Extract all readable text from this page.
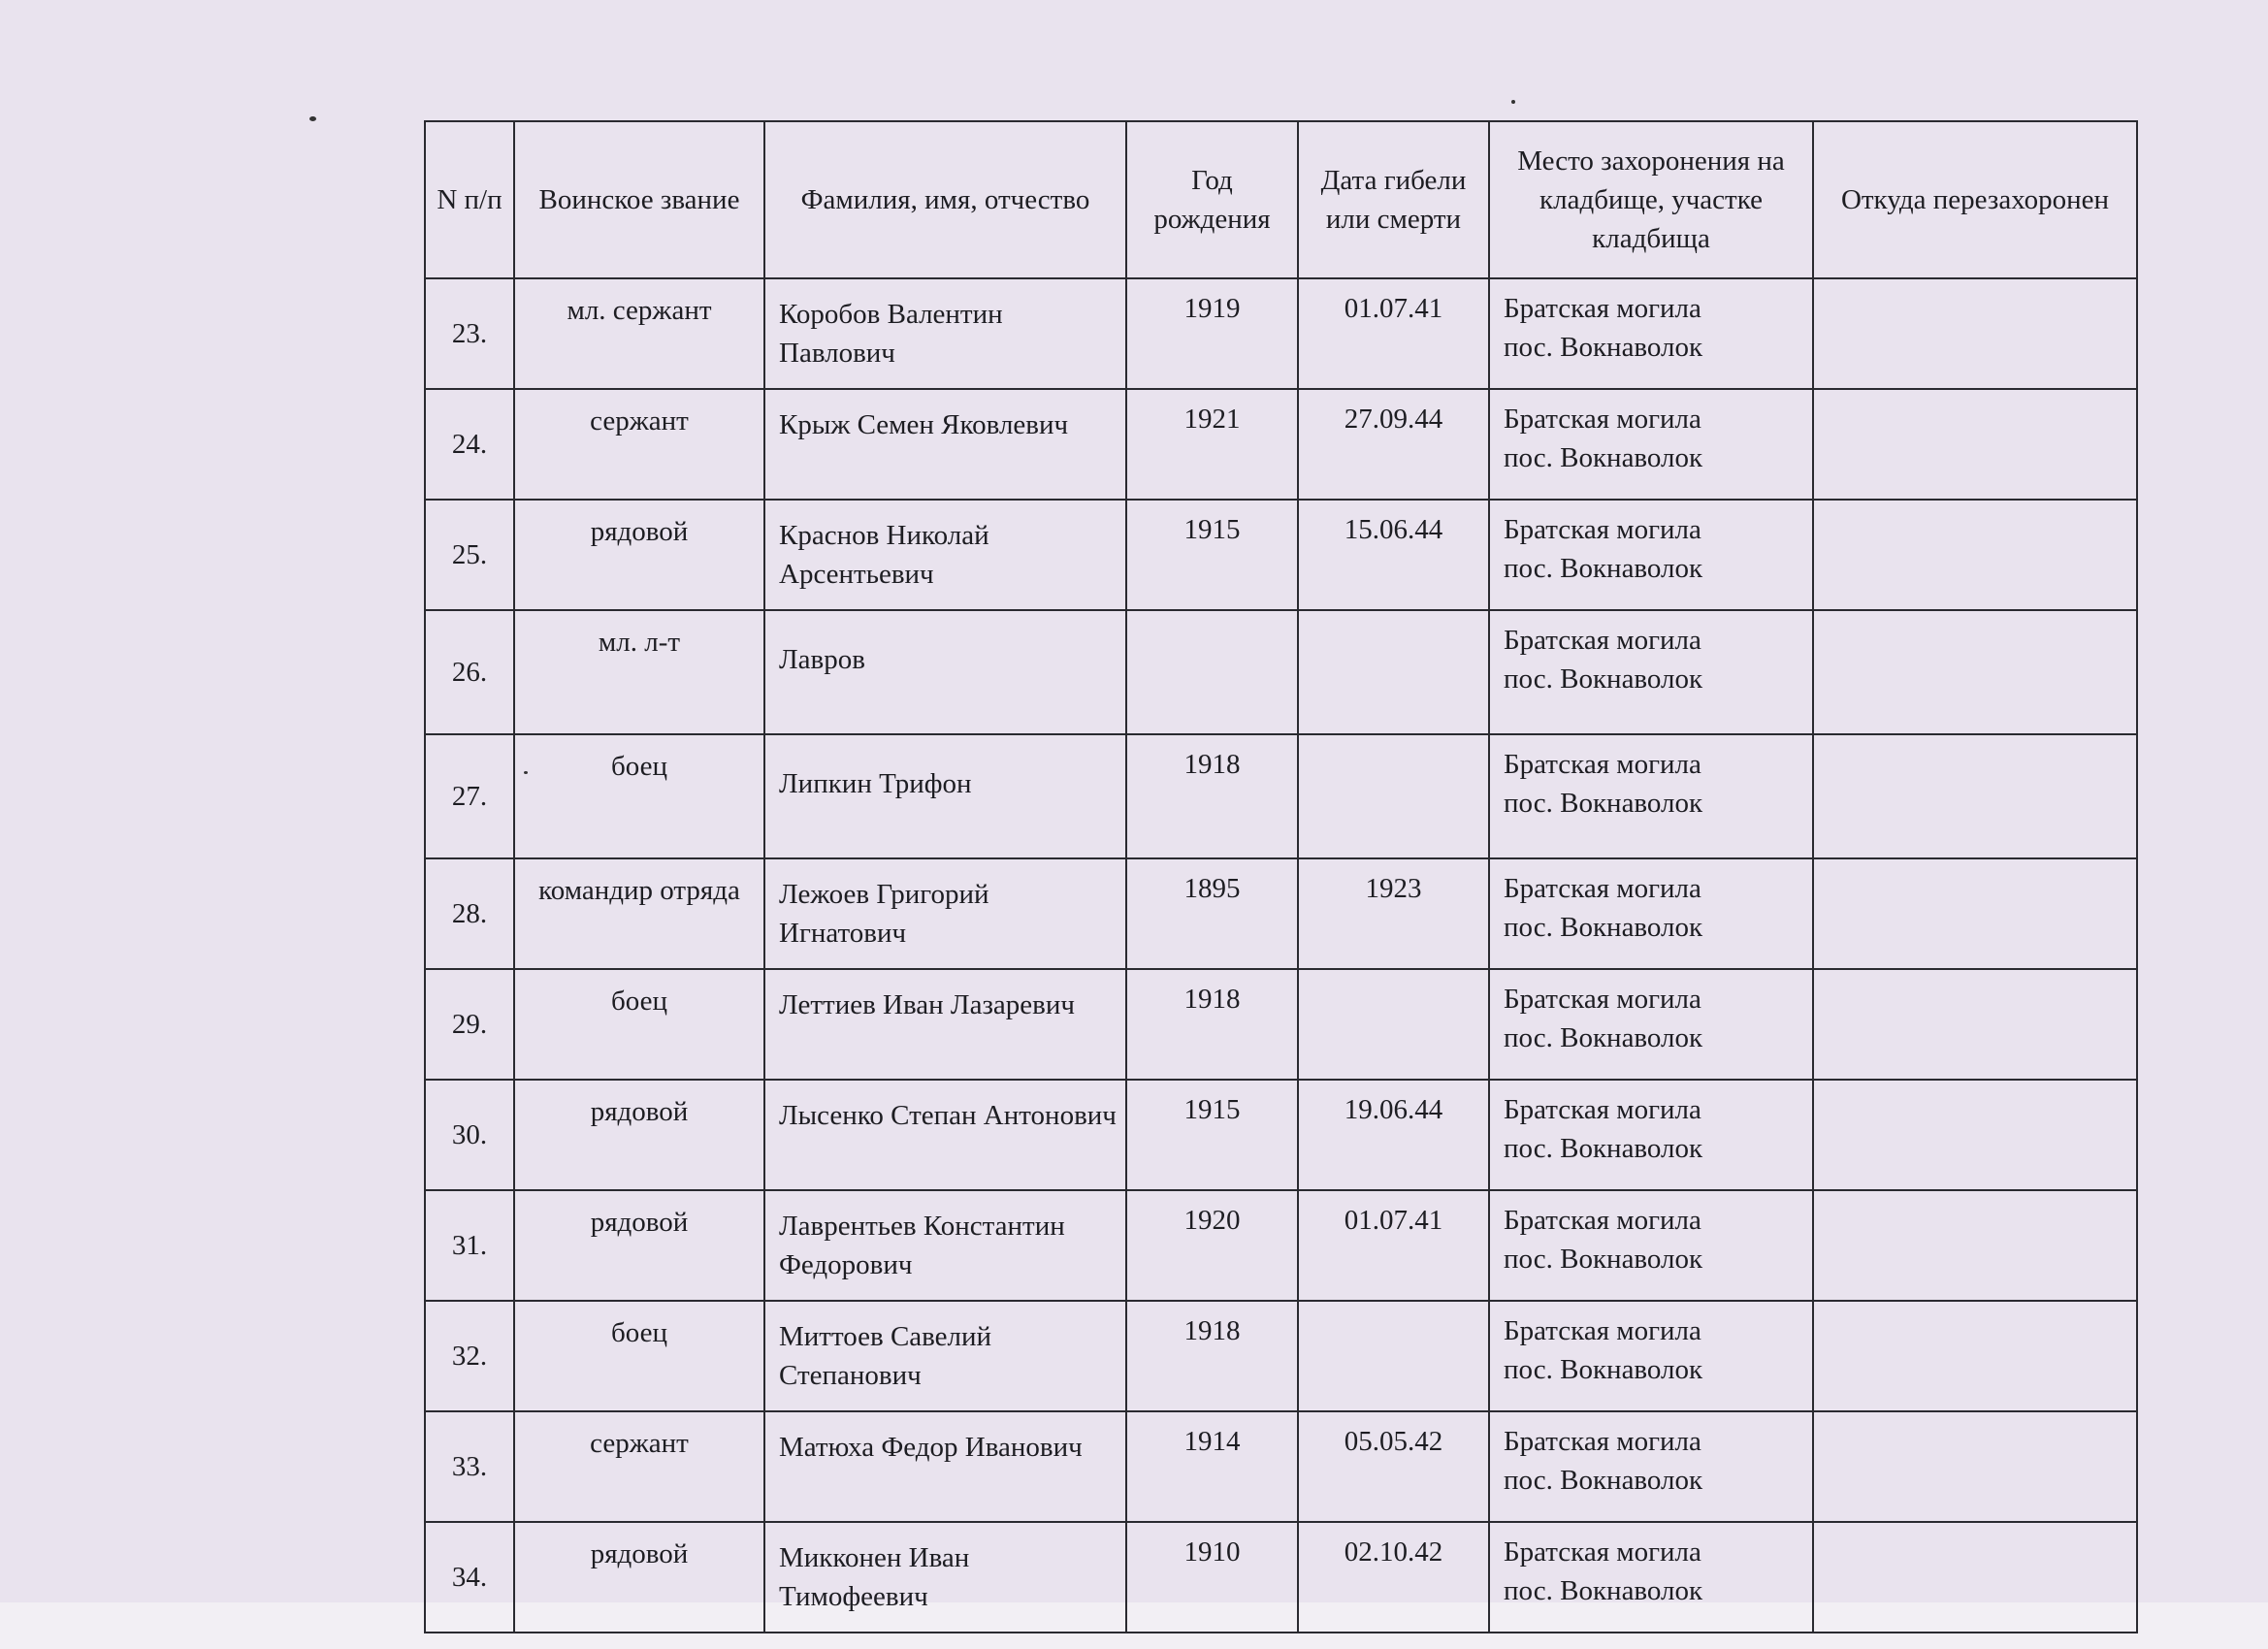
N п/п	Воинское звание	Фамилия, имя, отчество	Год рождения	Дата гибели или смерти	Место захоронения на кладбище, участке кладбища	Откуда перезахоронен
23.	мл. сержант	Коробов Валентин Павлович	1919	01.07.41	Братская могила
пос. Вокнаволок	

24.	сержант	Крыж Семен Яковлевич	1921	27.09.44	Братская могила
пос. Вокнаволок	

25.	рядовой	Краснов Николай Арсентьевич	1915	15.06.44	Братская могила
пос. Вокнаволок	

26.	мл. л-т	Лавров			Братская могила
пос. Вокнаволок	

27.	боец	Липкин Трифон	1918		Братская могила
пос. Вокнаволок	

28.	командир отряда	Лежоев Григорий Игнатович	1895	1923	Братская могила
пос. Вокнаволок	

29.	боец	Леттиев Иван Лазаревич	1918		Братская могила
пос. Вокнаволок	

30.	рядовой	Лысенко Степан Антонович	1915	19.06.44	Братская могила
пос. Вокнаволок	

31.	рядовой	Лаврентьев Константин Федорович	1920	01.07.41	Братская могила
пос. Вокнаволок	

32.	боец	Миттоев Савелий Степанович	1918		Братская могила
пос. Вокнаволок	

33.	сержант	Матюха Федор Иванович	1914	05.05.42	Братская могила
пос. Вокнаволок	

34.	рядовой	Микконен Иван Тимофеевич	1910	02.10.42	Братская могила
пос. Вокнаволок	
